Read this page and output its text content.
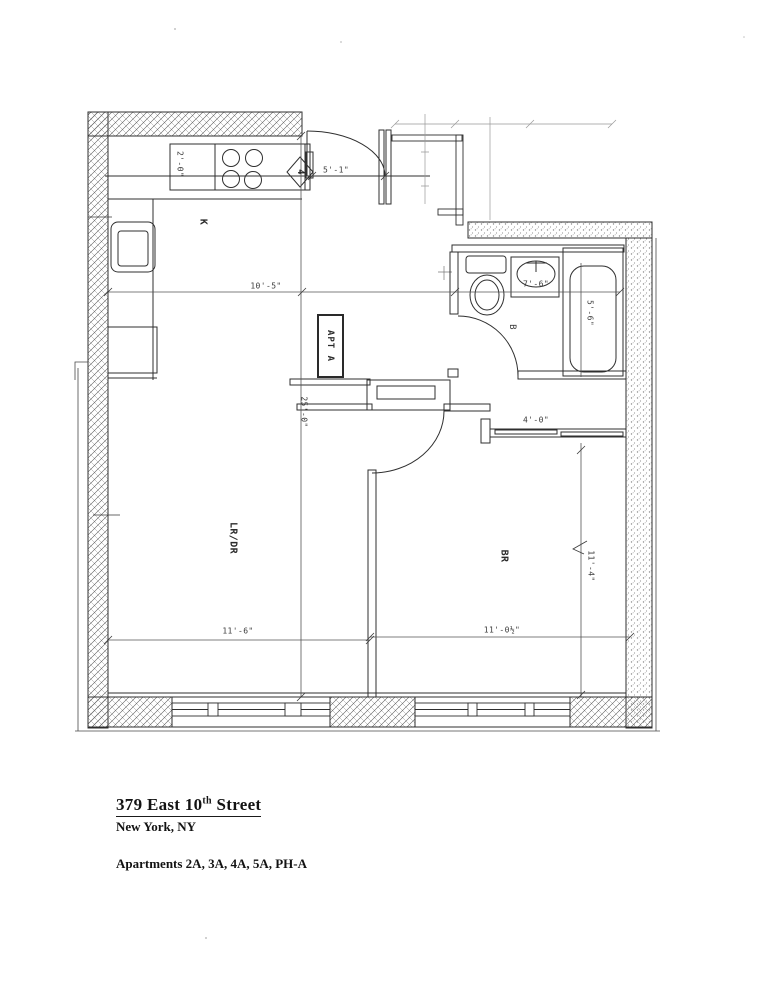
K
LR/DR
BR
B
APT A
4
10'-5"
25'-0"
2'-0"	5'-1"
7'-6"
5'-6"
4'-0"
11'-6"	11'-0½"
11'-4"
379 East 10th Street
New York, NY
Apartments 2A, 3A, 4A, 5A, PH-A
